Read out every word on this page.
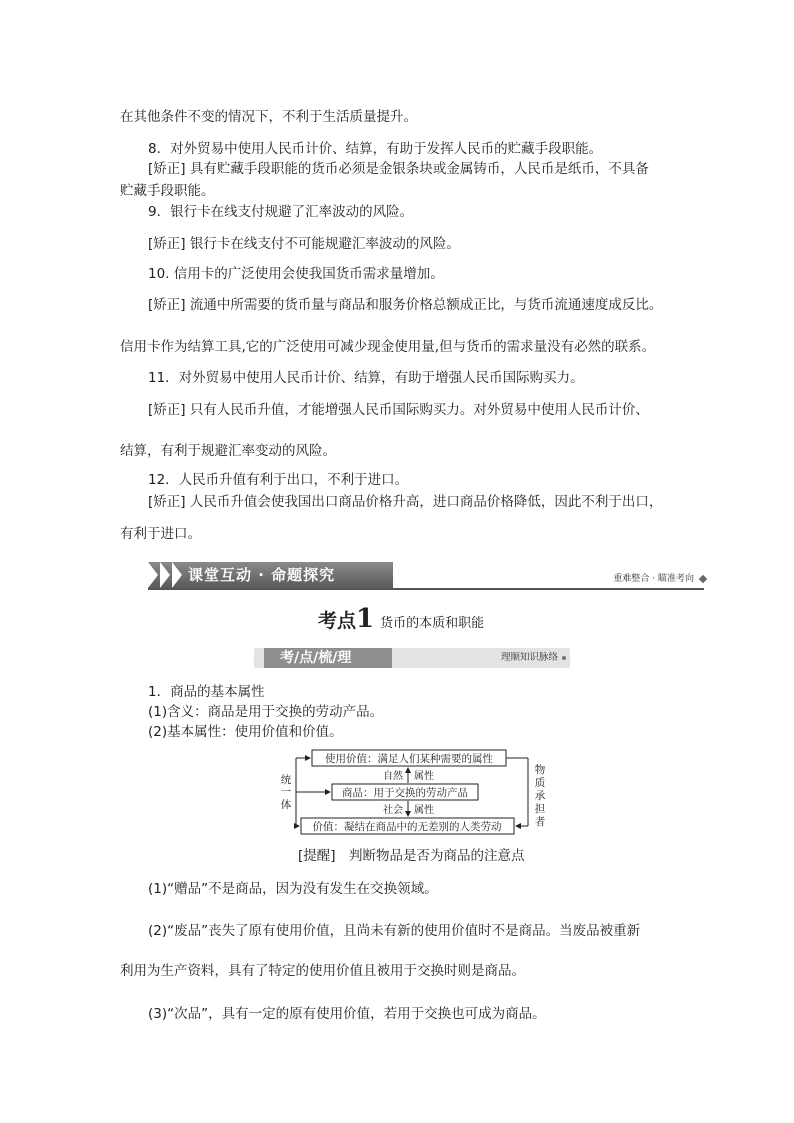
在其他条件不变的情况下，不利于生活质量提升。
8．对外贸易中使用人民币计价、结算，有助于发挥人民币的贮藏手段职能。
[矫正] 具有贮藏手段职能的货币必须是金银条块或金属铸币，人民币是纸币，不具备
贮藏手段职能。
9．银行卡在线支付规避了汇率波动的风险。
[矫正] 银行卡在线支付不可能规避汇率波动的风险。
10. 信用卡的广泛使用会使我国货币需求量增加。
[矫正] 流通中所需要的货币量与商品和服务价格总额成正比，与货币流通速度成反比。
信用卡作为结算工具,它的广泛使用可减少现金使用量,但与货币的需求量没有必然的联系。
11．对外贸易中使用人民币计价、结算，有助于增强人民币国际购买力。
[矫正] 只有人民币升值，才能增强人民币国际购买力。对外贸易中使用人民币计价、
结算，有利于规避汇率变动的风险。
12．人民币升值有利于出口，不利于进口。
[矫正] 人民币升值会使我国出口商品价格升高，进口商品价格降低，因此不利于出口，
有利于进口。
课堂互动 · 命题探究	重难整合 · 瞄准考向
考点1 货币的本质和职能
考/点/梳/理	理顺知识脉络
1．商品的基本属性
(1)含义：商品是用于交换的劳动产品。
(2)基本属性：使用价值和价值。
使用价值：满足人们某种需要的属性
商品：用于交换的劳动产品
价值：凝结在商品中的无差别的人类劳动
自然 属性
社会 属性
统
一
体
物
质
承
担
者
[提醒]　判断物品是否为商品的注意点
(1)“赠品”不是商品，因为没有发生在交换领域。
(2)“废品”丧失了原有使用价值，且尚未有新的使用价值时不是商品。当废品被重新
利用为生产资料，具有了特定的使用价值且被用于交换时则是商品。
(3)“次品”，具有一定的原有使用价值，若用于交换也可成为商品。
